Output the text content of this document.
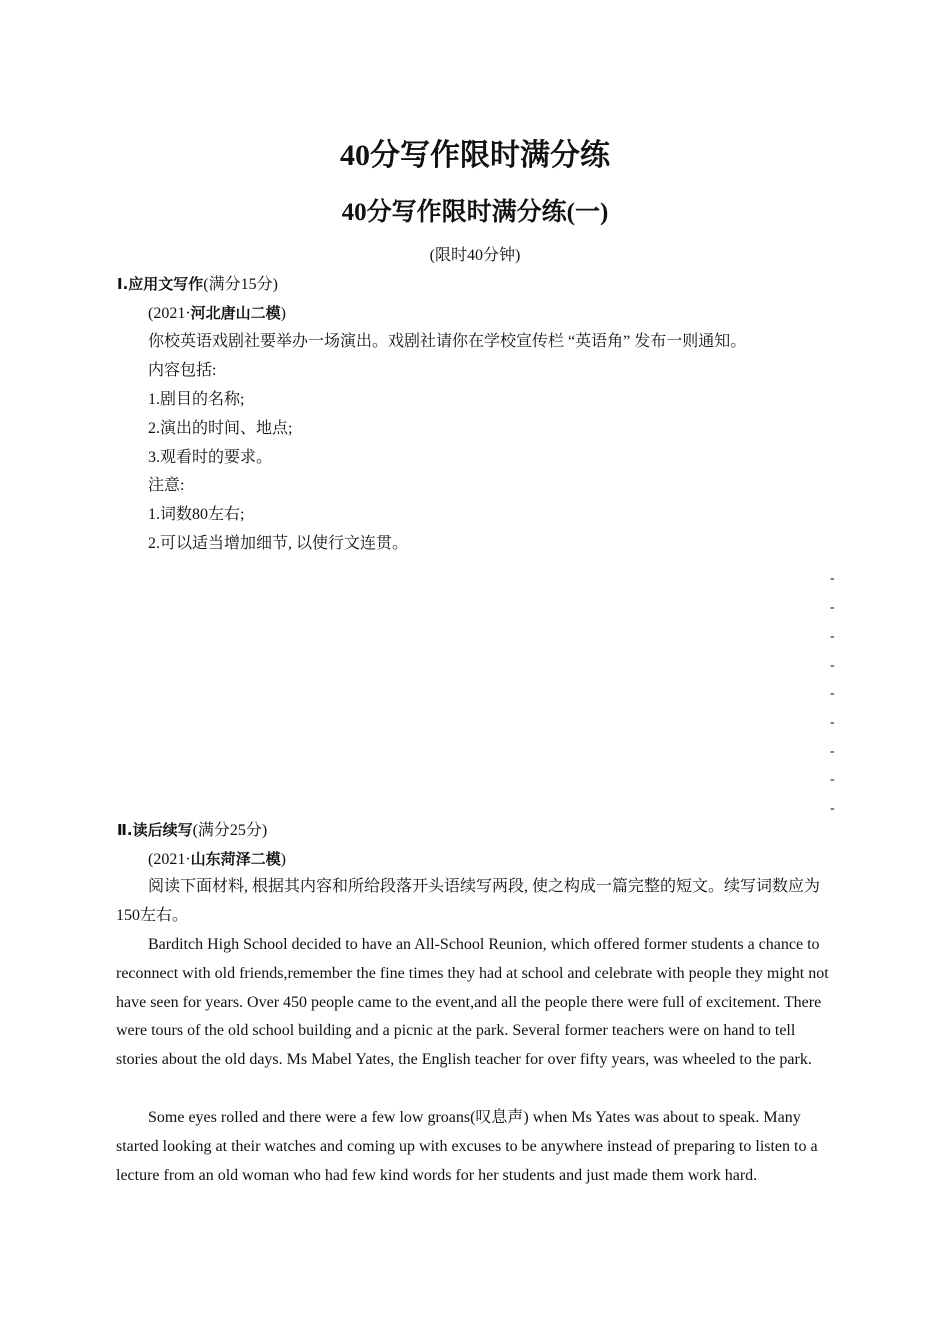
40分写作限时满分练
40分写作限时满分练(一)
(限时40分钟)
Ⅰ.应用文写作(满分15分)
(2021·河北唐山二模)
你校英语戏剧社要举办一场演出。戏剧社请你在学校宣传栏 “英语角” 发布一则通知。
内容包括:
1.剧目的名称;
2.演出的时间、地点;
3.观看时的要求。
注意:
1.词数80左右;
2.可以适当增加细节, 以使行文连贯。
-
-
-
-
-
-
-
-
-
Ⅱ.读后续写(满分25分)
(2021·山东菏泽二模)

阅读下面材料, 根据其内容和所给段落开头语续写两段, 使之构成一篇完整的短文。续写词数应为150左右。

Barditch High School decided to have an All-School Reunion, which offered former students a chance to reconnect with old friends,remember the fine times they had at school and celebrate with people they might not have seen for years. Over 450 people came to the event,and all the people there were full of excitement. There were tours of the old school building and a picnic at the park. Several former teachers were on hand to tell stories about the old days. Ms Mabel Yates, the English teacher for over fifty years, was wheeled to the park.

Some eyes rolled and there were a few low groans(叹息声) when Ms Yates was about to speak. Many started looking at their watches and coming up with excuses to be anywhere instead of preparing to listen to a lecture from an old woman who had few kind words for her students and just made them work hard.
